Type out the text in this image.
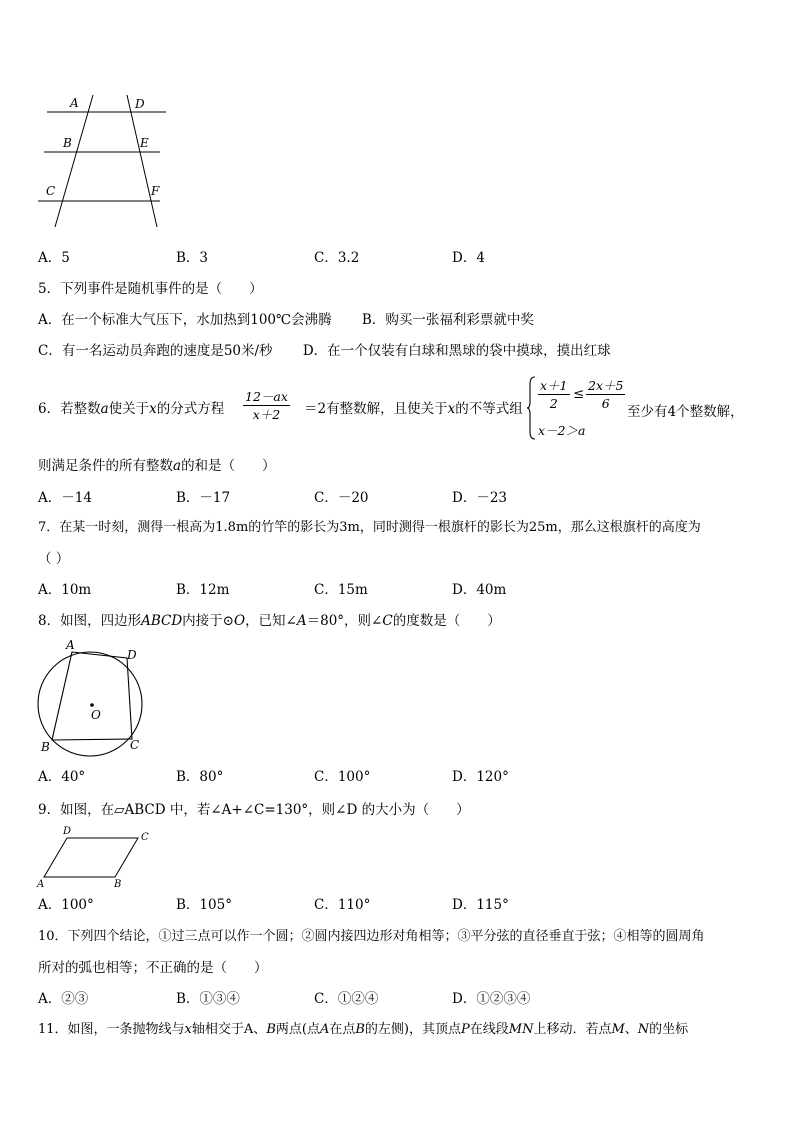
A	D
B	E
C	F
A．5	B．3	C．3.2	D．4
5．下列事件是随机事件的是（　　）
A．在一个标准大气压下，水加热到100℃会沸腾 B．购买一张福利彩票就中奖
C．有一名运动员奔跑的速度是50米/秒 D．在一个仅装有白球和黑球的袋中摸球，摸出红球
6．若整数a使关于x的分式方程 $\frac{12-ax}{x+2} =2$有整数解，且使关于x的不等式组 $\frac{x+1}{2} \le \frac{2x+5}{6}$
x－2＞a
至少有4个整数解，
则满足条件的所有整数a的和是（　　）
A．－14	B．－17	C．－20	D．－23
7．在某一时刻，测得一根高为1.8m的竹竿的影长为3m，同时测得一根旗杆的影长为25m，那么这根旗杆的高度为
（ ）
A．10m	B．12m	C．15m	D．40m
8．如图，四边形ABCD内接于⊙O，已知∠A＝80°，则∠C的度数是（　　）
A
D
O
B	C
A．40°	B．80°	C．100°	D．120°
9．如图，在▱ABCD 中，若∠A+∠C=130°，则∠D 的大小为（　　）
D
C
A	B
A．100°	B．105°	C．110°	D．115°
10．下列四个结论，①过三点可以作一个圆；②圆内接四边形对角相等；③平分弦的直径垂直于弦；④相等的圆周角
所对的弧也相等；不正确的是（　　）
A．②③	B．①③④	C．①②④	D．①②③④
11．如图，一条抛物线与x轴相交于A、B两点(点A在点B的左侧)，其顶点P在线段MN上移动．若点M、N的坐标
